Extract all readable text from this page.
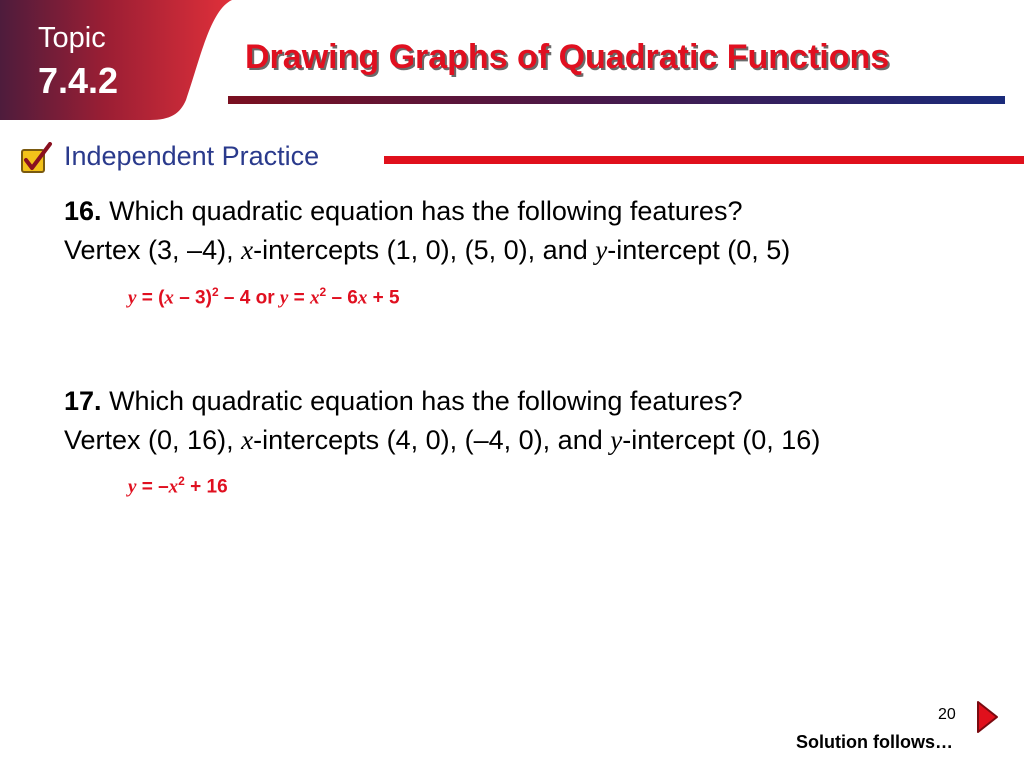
Topic
7.4.2
Drawing Graphs of Quadratic Functions
Independent Practice
16. Which quadratic equation has the following features?
Vertex (3, –4), x-intercepts (1, 0), (5, 0), and y-intercept (0, 5)
y = (x – 3)$^2$ – 4 or $y = x^2 - 6x + 5$
17. Which quadratic equation has the following features?
Vertex (0, 16), x-intercepts (4, 0), (–4, 0), and y-intercept (0, 16)
$y = -x^2 + 16$
20
Solution follows…
